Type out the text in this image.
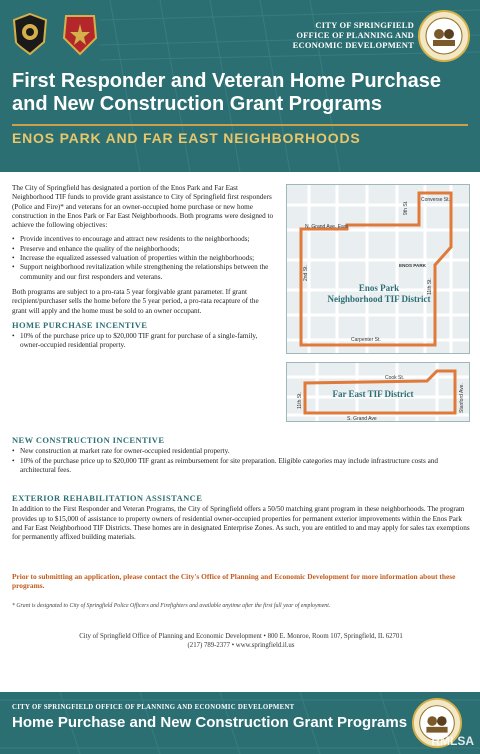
CITY OF SPRINGFIELD
OFFICE OF PLANNING AND
ECONOMIC DEVELOPMENT
First Responder and Veteran Home Purchase
and New Construction Grant Programs
ENOS PARK AND FAR EAST NEIGHBORHOODS

The City of Springfield has designated a portion of the Enos Park and Far East Neighborhood TIF funds to provide grant assistance to City of Springfield first responders (Police and Fire)* and veterans for an owner-occupied home purchase or new home construction in the Enos Park or Far East Neighborhoods. Both programs were designed to achieve the following objectives:

• Provide incentives to encourage and attract new residents to the neighborhoods;
• Preserve and enhance the quality of the neighborhoods;
• Increase the equalized assessed valuation of properties within the neighborhoods;
• Support neighborhood revitalization while strengthening the relationships between the community and our first responders and veterans.

Both programs are subject to a pro-rata 5 year forgivable grant parameter. If grant recipient/purchaser sells the home before the 5 year period, a pro-rata recapture of the grant will apply and the home must be sold to an owner occupant.

HOME PURCHASE INCENTIVE
• 10% of the purchase price up to $20,000 TIF grant for purchase of a single-family, owner-occupied residential property.
Converse St.
9th St.
N. Grand Ave. East
ENOS PARK
2nd St.
11th St.
Carpenter St.
Enos Park
Neighborhood TIF District
Cook St.
S. Grand Ave
11th St.	Stanford Ave.
Far East TIF District
NEW CONSTRUCTION INCENTIVE
• New construction at market rate for owner-occupied residential property.
• 10% of the purchase price up to $20,000 TIF grant as reimbursement for site preparation. Eligible categories may include infrastructure costs and architectural fees.
EXTERIOR REHABILITATION ASSISTANCE

In addition to the First Responder and Veteran Programs, the City of Springfield offers a 50/50 matching grant program in these neighborhoods. The program provides up to $15,000 of assistance to property owners of residential owner-occupied properties for permanent exterior improvements within the Enos Park and Far East Neighborhood TIF Districts. These homes are in designated Enterprise Zones. As such, you are entitled to and may apply for sales tax exemptions for permanently affixed building materials.

Prior to submitting an application, please contact the City's Office of Planning and Economic Development for more information about these programs.
* Grant is designated to City of Springfield Police Officers and Firefighters and available anytime after the first full year of employment.
City of Springfield Office of Planning and Economic Development • 800 E. Monroe, Room 107, Springfield, IL 62701
(217) 789-2377 • www.springfield.il.us
CITY OF SPRINGFIELD OFFICE OF PLANNING AND ECONOMIC DEVELOPMENT
Home Purchase and New Construction Grant Programs
RMLSA
